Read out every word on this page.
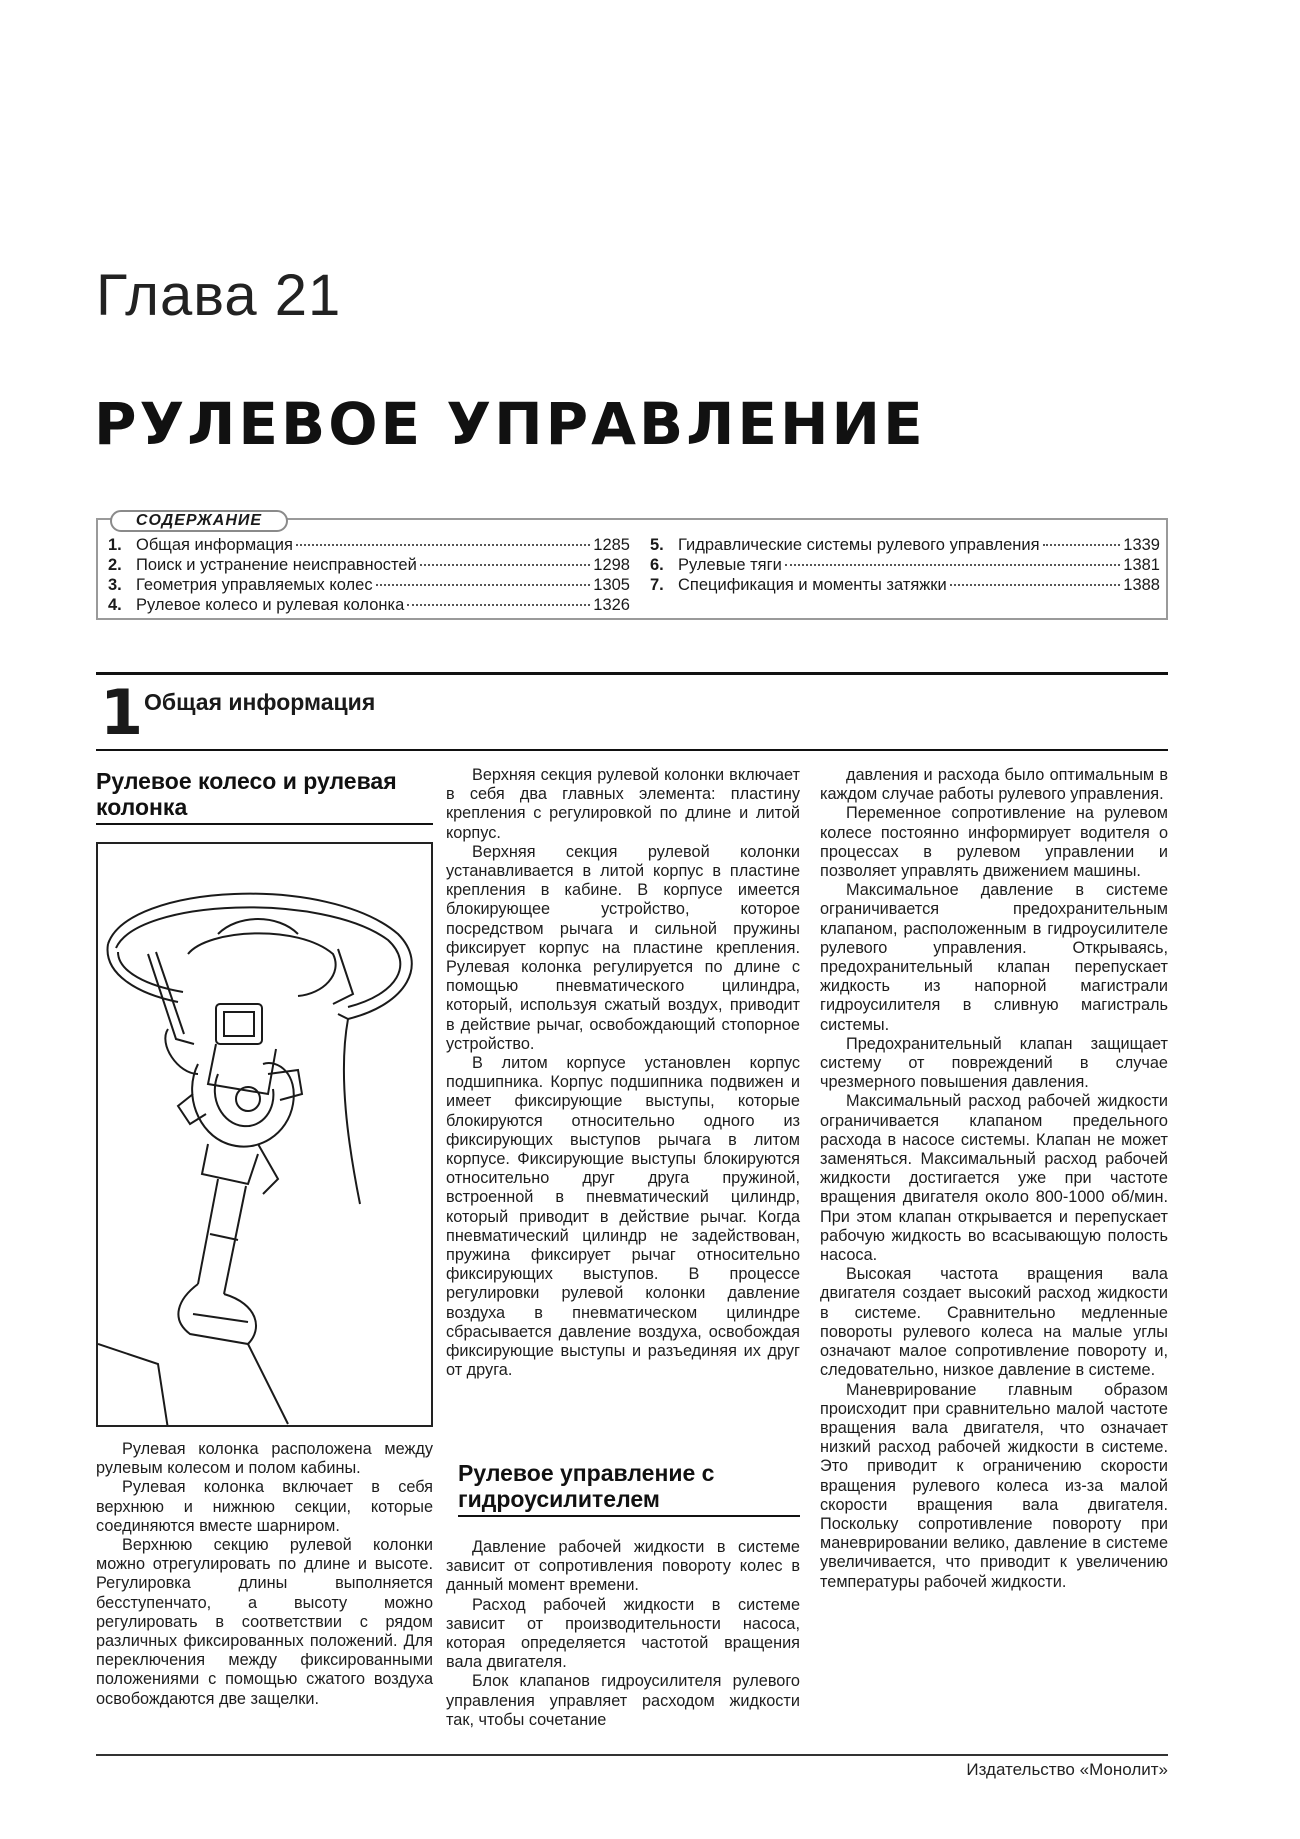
Глава 21
РУЛЕВОЕ УПРАВЛЕНИЕ
СОДЕРЖАНИЕ
1. Общая информация	1285
2. Поиск и устранение неисправностей	1298
3. Геометрия управляемых колес	1305
4. Рулевое колесо и рулевая колонка	1326
5. Гидравлические системы рулевого управления	1339
6. Рулевые тяги	1381
7. Спецификация и моменты затяжки	1388
1 Общая информация
Рулевое колесо и рулевая колонка

Рулевая колонка расположена между рулевым колесом и полом кабины.

Рулевая колонка включает в себя верхнюю и нижнюю секции, которые соединяются вместе шарниром.

Верхнюю секцию рулевой колонки можно отрегулировать по длине и высоте. Регулировка длины выполняется бесступенчато, а высоту можно регулировать в соответствии с рядом различных фиксированных положений. Для переключения между фиксированными положениями с помощью сжатого воздуха освобождаются две защелки.

Верхняя секция рулевой колонки включает в себя два главных элемента: пластину крепления с регулировкой по длине и литой корпус.

Верхняя секция рулевой колонки устанавливается в литой корпус в пластине крепления в кабине. В корпусе имеется блокирующее устройство, которое посредством рычага и сильной пружины фиксирует корпус на пластине крепления. Рулевая колонка регулируется по длине с помощью пневматического цилиндра, который, используя сжатый воздух, приводит в действие рычаг, освобождающий стопорное устройство.

В литом корпусе установлен корпус подшипника. Корпус подшипника подвижен и имеет фиксирующие выступы, которые блокируются относительно одного из фиксирующих выступов рычага в литом корпусе. Фиксирующие выступы блокируются относительно друг друга пружиной, встроенной в пневматический цилиндр, который приводит в действие рычаг. Когда пневматический цилиндр не задействован, пружина фиксирует рычаг относительно фиксирующих выступов. В процессе регулировки рулевой колонки давление воздуха в пневматическом цилиндре сбрасывается давление воздуха, освобождая фиксирующие выступы и разъединяя их друг от друга.

Рулевое управление с гидроусилителем

Давление рабочей жидкости в системе зависит от сопротивления повороту колес в данный момент времени.

Расход рабочей жидкости в системе зависит от производительности насоса, которая определяется частотой вращения вала двигателя.

Блок клапанов гидроусилителя рулевого управления управляет расходом жидкости так, чтобы сочетание

давления и расхода было оптимальным в каждом случае работы рулевого управления.

Переменное сопротивление на рулевом колесе постоянно информирует водителя о процессах в рулевом управлении и позволяет управлять движением машины.

Максимальное давление в системе ограничивается предохранительным клапаном, расположенным в гидроусилителе рулевого управления. Открываясь, предохранительный клапан перепускает жидкость из напорной магистрали гидроусилителя в сливную магистраль системы.

Предохранительный клапан защищает систему от повреждений в случае чрезмерного повышения давления.

Максимальный расход рабочей жидкости ограничивается клапаном предельного расхода в насосе системы. Клапан не может заменяться. Максимальный расход рабочей жидкости достигается уже при частоте вращения двигателя около 800-1000 об/мин. При этом клапан открывается и перепускает рабочую жидкость во всасывающую полость насоса.

Высокая частота вращения вала двигателя создает высокий расход жидкости в системе. Сравнительно медленные повороты рулевого колеса на малые углы означают малое сопротивление повороту и, следовательно, низкое давление в системе.

Маневрирование главным образом происходит при сравнительно малой частоте вращения вала двигателя, что означает низкий расход рабочей жидкости в системе. Это приводит к ограничению скорости вращения рулевого колеса из-за малой скорости вращения вала двигателя. Поскольку сопротивление повороту при маневрировании велико, давление в системе увеличивается, что приводит к увеличению температуры рабочей жидкости.

Издательство «Монолит»
